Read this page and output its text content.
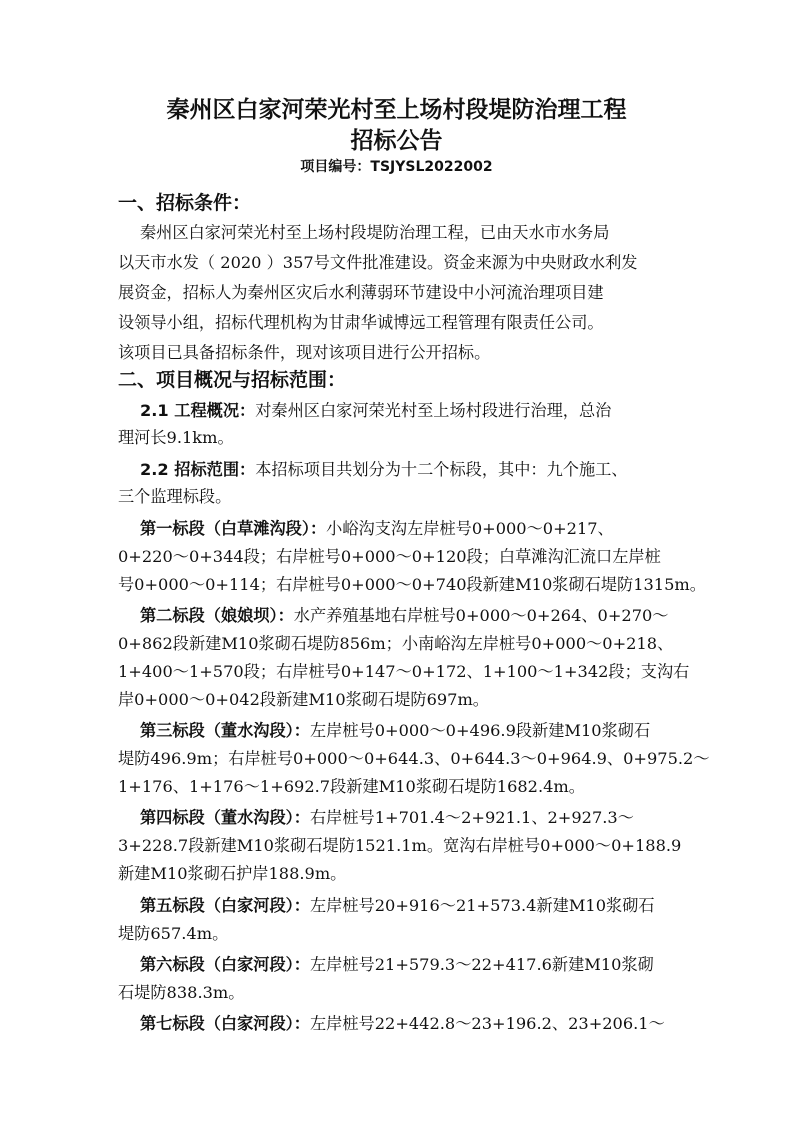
秦州区白家河荣光村至上场村段堤防治理工程
招标公告
项目编号：TSJYSL2022002
一、招标条件：
秦州区白家河荣光村至上场村段堤防治理工程，已由天水市水务局
以天市水发（ 2020 ）357号文件批准建设。资金来源为中央财政水利发
展资金，招标人为秦州区灾后水利薄弱环节建设中小河流治理项目建
设领导小组，招标代理机构为甘肃华诚博远工程管理有限责任公司。
该项目已具备招标条件，现对该项目进行公开招标。
二、项目概况与招标范围：
2.1 工程概况：对秦州区白家河荣光村至上场村段进行治理，总治
理河长9.1km。
2.2 招标范围：本招标项目共划分为十二个标段，其中：九个施工、
三个监理标段。
第一标段（白草滩沟段）：小峪沟支沟左岸桩号0+000～0+217、
0+220～0+344段；右岸桩号0+000～0+120段；白草滩沟汇流口左岸桩
号0+000～0+114；右岸桩号0+000～0+740段新建M10浆砌石堤防1315m。
第二标段（娘娘坝）：水产养殖基地右岸桩号0+000～0+264、0+270～
0+862段新建M10浆砌石堤防856m；小南峪沟左岸桩号0+000～0+218、
1+400～1+570段；右岸桩号0+147～0+172、1+100～1+342段；支沟右
岸0+000～0+042段新建M10浆砌石堤防697m。
第三标段（董水沟段）：左岸桩号0+000～0+496.9段新建M10浆砌石
堤防496.9m；右岸桩号0+000～0+644.3、0+644.3～0+964.9、0+975.2～
1+176、1+176～1+692.7段新建M10浆砌石堤防1682.4m。
第四标段（董水沟段）：右岸桩号1+701.4～2+921.1、2+927.3～
3+228.7段新建M10浆砌石堤防1521.1m。宽沟右岸桩号0+000～0+188.9
新建M10浆砌石护岸188.9m。
第五标段（白家河段）：左岸桩号20+916～21+573.4新建M10浆砌石
堤防657.4m。
第六标段（白家河段）：左岸桩号21+579.3～22+417.6新建M10浆砌
石堤防838.3m。
第七标段（白家河段）：左岸桩号22+442.8～23+196.2、23+206.1～
